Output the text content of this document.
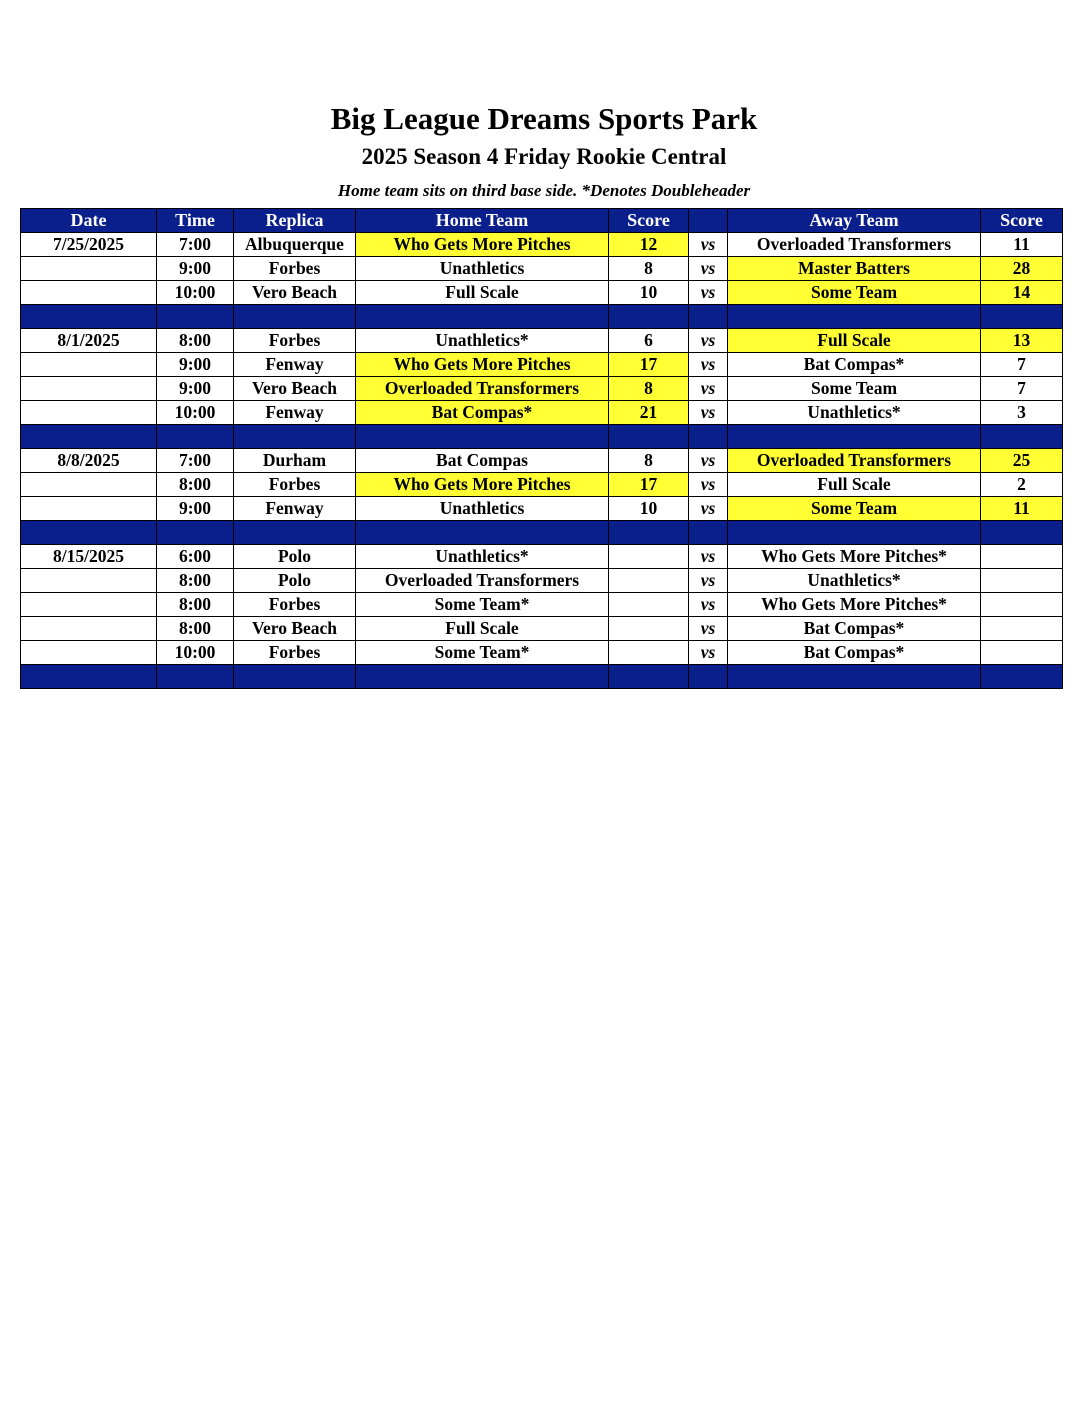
Big League Dreams Sports Park
2025 Season 4 Friday Rookie Central
Home team sits on third base side. *Denotes Doubleheader
Date	Time	Replica	Home Team	Score		Away Team	Score
7/25/2025	7:00	Albuquerque	Who Gets More Pitches	12	vs	Overloaded Transformers	11
	9:00	Forbes	Unathletics	8	vs	Master Batters	28
	10:00	Vero Beach	Full Scale	10	vs	Some Team	14

8/1/2025	8:00	Forbes	Unathletics*	6	vs	Full Scale	13
	9:00	Fenway	Who Gets More Pitches	17	vs	Bat Compas*	7
	9:00	Vero Beach	Overloaded Transformers	8	vs	Some Team	7
	10:00	Fenway	Bat Compas*	21	vs	Unathletics*	3

8/8/2025	7:00	Durham	Bat Compas	8	vs	Overloaded Transformers	25
	8:00	Forbes	Who Gets More Pitches	17	vs	Full Scale	2
	9:00	Fenway	Unathletics	10	vs	Some Team	11

8/15/2025	6:00	Polo	Unathletics*		vs	Who Gets More Pitches*	
	8:00	Polo	Overloaded Transformers		vs	Unathletics*	
	8:00	Forbes	Some Team*		vs	Who Gets More Pitches*	
	8:00	Vero Beach	Full Scale		vs	Bat Compas*	
	10:00	Forbes	Some Team*		vs	Bat Compas*	
